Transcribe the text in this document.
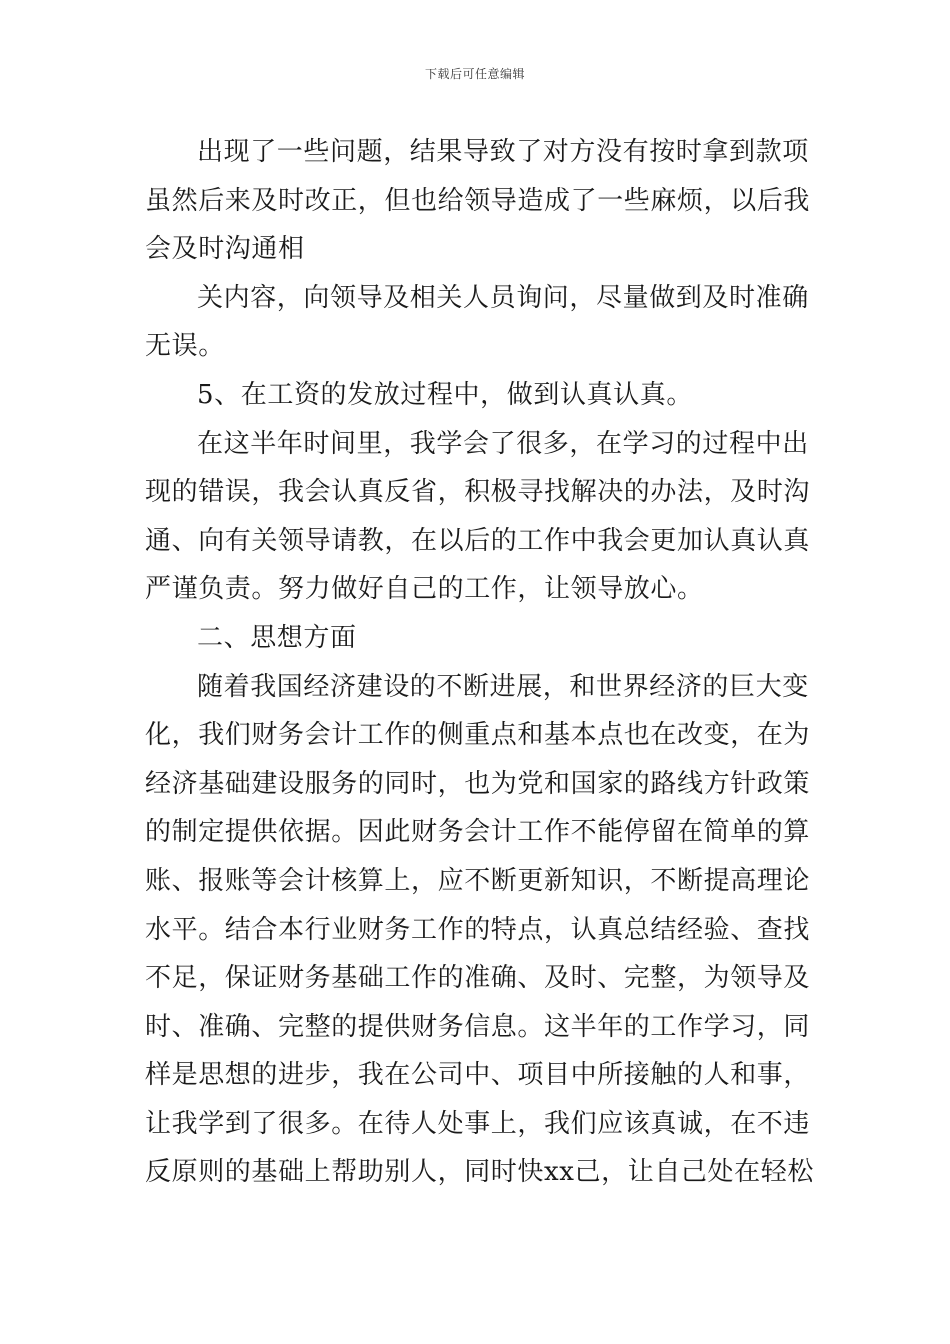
下载后可任意编辑
出现了一些问题，结果导致了对方没有按时拿到款项
虽然后来及时改正，但也给领导造成了一些麻烦，以后我
会及时沟通相
关内容，向领导及相关人员询问，尽量做到及时准确
无误。
5、在工资的发放过程中，做到认真认真。
在这半年时间里，我学会了很多，在学习的过程中出
现的错误，我会认真反省，积极寻找解决的办法，及时沟
通、向有关领导请教，在以后的工作中我会更加认真认真
严谨负责。努力做好自己的工作，让领导放心。
二、思想方面
随着我国经济建设的不断进展，和世界经济的巨大变
化，我们财务会计工作的侧重点和基本点也在改变，在为
经济基础建设服务的同时，也为党和国家的路线方针政策
的制定提供依据。因此财务会计工作不能停留在简单的算
账、报账等会计核算上，应不断更新知识，不断提高理论
水平。结合本行业财务工作的特点，认真总结经验、查找
不足，保证财务基础工作的准确、及时、完整，为领导及
时、准确、完整的提供财务信息。这半年的工作学习，同
样是思想的进步，我在公司中、项目中所接触的人和事，
让我学到了很多。在待人处事上，我们应该真诚，在不违
反原则的基础上帮助别人，同时快xx己，让自己处在轻松
